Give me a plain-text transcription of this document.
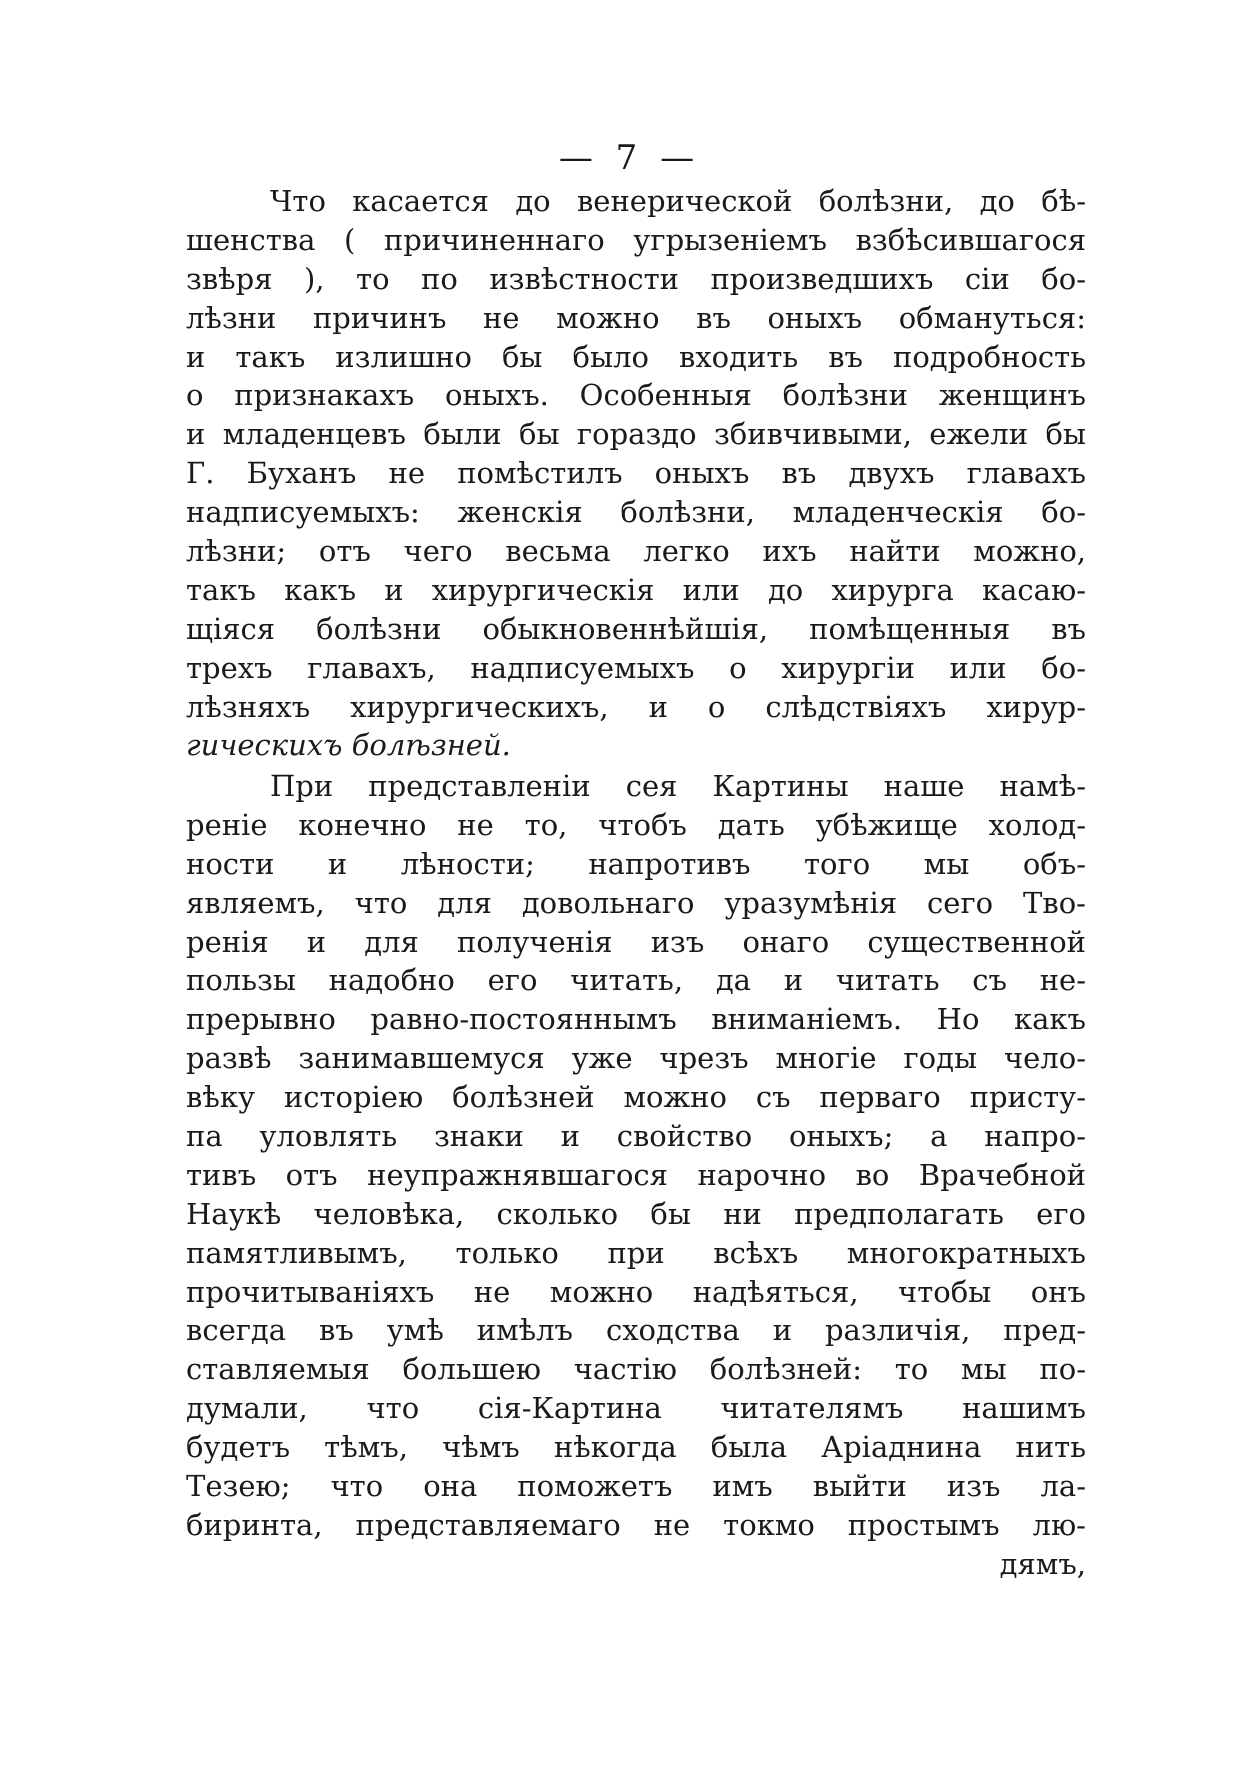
— 7 —
Что касается до венерической болѣзни, до бѣ-
шенства ( причиненнаго угрызенiемъ взбѣсившагося
звѣря ), то по извѣстности произведшихъ сiи бо-
лѣзни причинъ не можно въ оныхъ обмануться:
и такъ излишно бы было входить въ подробность
о признакахъ оныхъ. Особенныя болѣзни женщинъ
и младенцевъ были бы гораздо збивчивыми, ежели бы
Г. Буханъ не помѣстилъ оныхъ въ двухъ главахъ
надписуемыхъ: женскiя болѣзни, младенческiя бо-
лѣзни; отъ чего весьма легко ихъ найти можно,
такъ какъ и хирургическiя или до хирурга касаю-
щiяся болѣзни обыкновеннѣйшiя, помѣщенныя въ
трехъ главахъ, надписуемыхъ о хирургiи или бо-
лѣзняхъ хирургическихъ, и о слѣдствiяхъ хирур-
гическихъ болѣзней.
При представленiи сея Картины наше намѣ-
ренiе конечно не то, чтобъ дать убѣжище холод-
ности и лѣности; напротивъ того мы объ-
являемъ, что для довольнаго уразумѣнiя сего Тво-
ренiя и для полученiя изъ онаго существенной
пользы надобно его читать, да и читать съ не-
прерывно равно-постояннымъ вниманiемъ. Но какъ
развѣ занимавшемуся уже чрезъ многiе годы чело-
вѣку исторiею болѣзней можно съ перваго присту-
па уловлять знаки и свойство оныхъ; а напро-
тивъ отъ неупражнявшагося нарочно во Врачебной
Наукѣ человѣка, сколько бы ни предполагать его
памятливымъ, только при всѣхъ многократныхъ
прочитыванiяхъ не можно надѣяться, чтобы онъ
всегда въ умѣ имѣлъ сходства и различiя, пред-
ставляемыя большею частiю болѣзней: то мы по-
думали, что сiя-Картина читателямъ нашимъ
будетъ тѣмъ, чѣмъ нѣкогда была Арiаднина нить
Тезею; что она поможетъ имъ выйти изъ ла-
биринта, представляемаго не токмо простымъ лю-
дямъ,
